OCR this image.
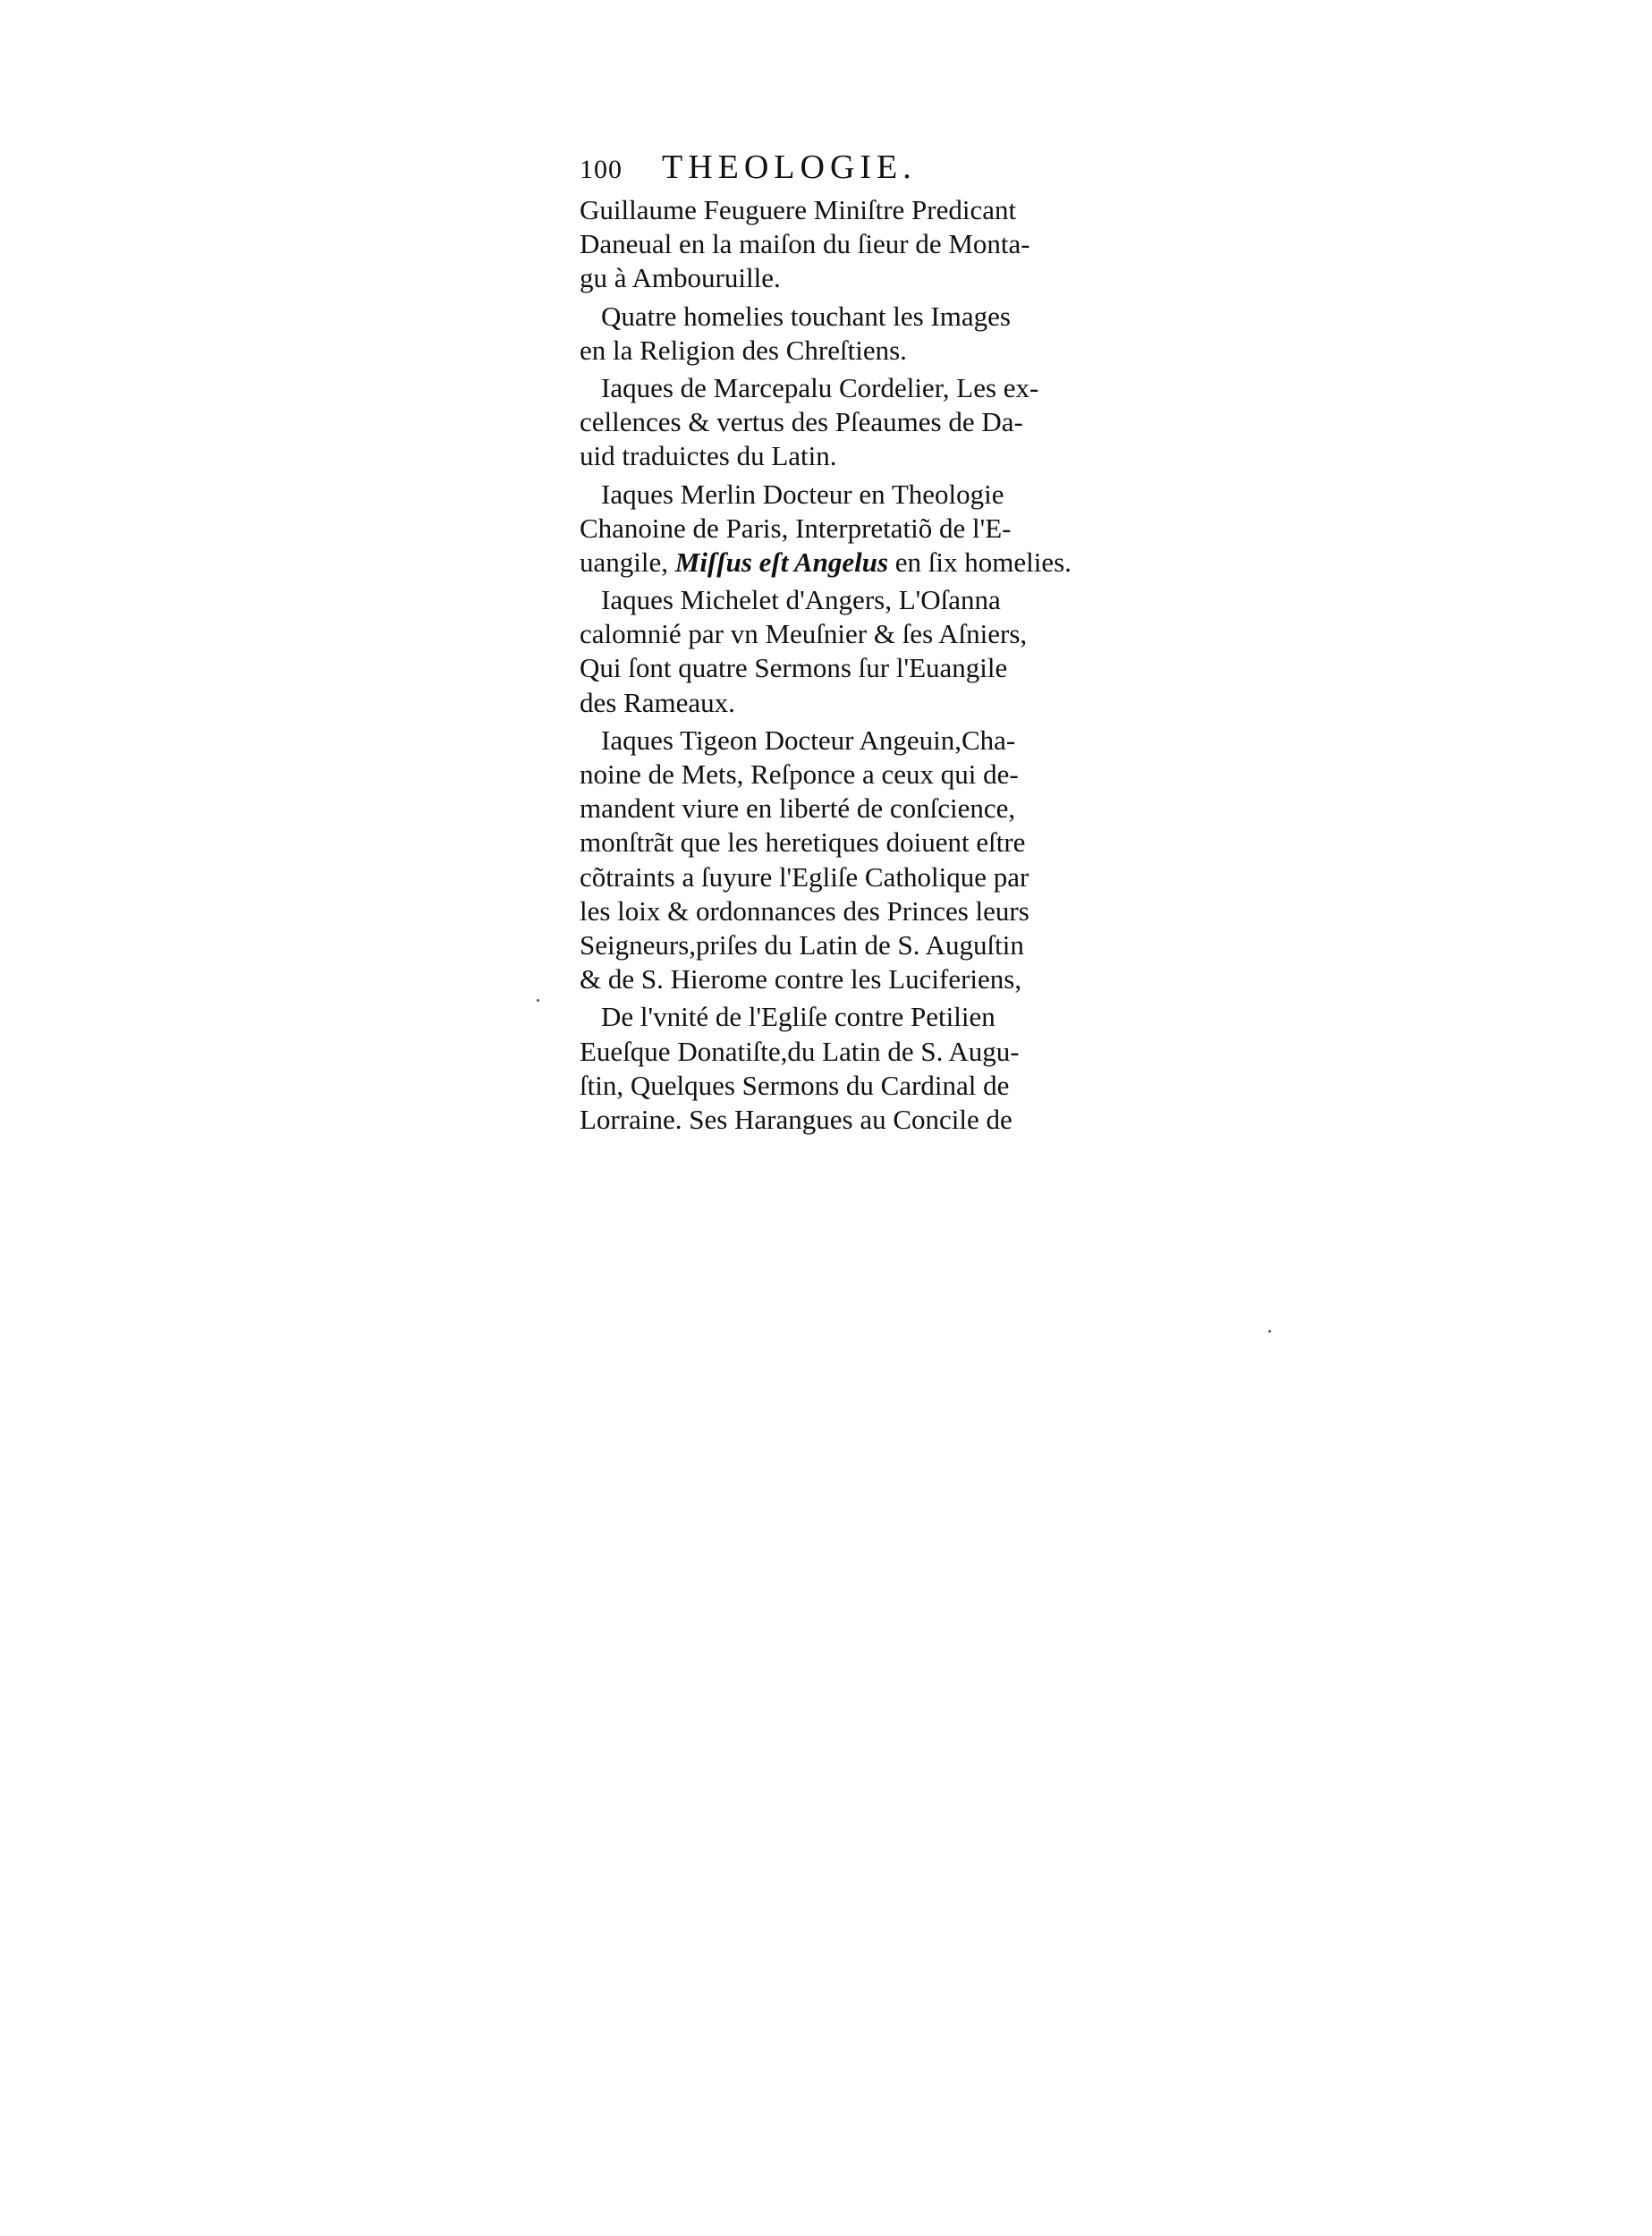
100	THEOLOGIE.
Guillaume Feuguere Miniſtre Predicant
Daneual en la maiſon du ſieur de Monta-
gu à Ambouruille.
Quatre homelies touchant les Images
en la Religion des Chreſtiens.
Iaques de Marcepalu Cordelier, Les ex-
cellences & vertus des Pſeaumes de Da-
uid traduictes du Latin.
Iaques Merlin Docteur en Theologie
Chanoine de Paris, Interpretatiõ de l'E-
uangile, Miſſus eſt Angelus en ſix homelies.
Iaques Michelet d'Angers, L'Oſanna
calomnié par vn Meuſnier & ſes Aſniers,
Qui ſont quatre Sermons ſur l'Euangile
des Rameaux.
Iaques Tigeon Docteur Angeuin,Cha-
noine de Mets, Reſponce a ceux qui de-
mandent viure en liberté de conſcience,
monſtrãt que les heretiques doiuent eſtre
cõtraints a ſuyure l'Egliſe Catholique par
les loix & ordonnances des Princes leurs
Seigneurs,priſes du Latin de S. Auguſtin
& de S. Hierome contre les Luciferiens,
De l'vnité de l'Egliſe contre Petilien
Eueſque Donatiſte,du Latin de S. Augu-
ſtin, Quelques Sermons du Cardinal de
Lorraine. Ses Harangues au Concile de
